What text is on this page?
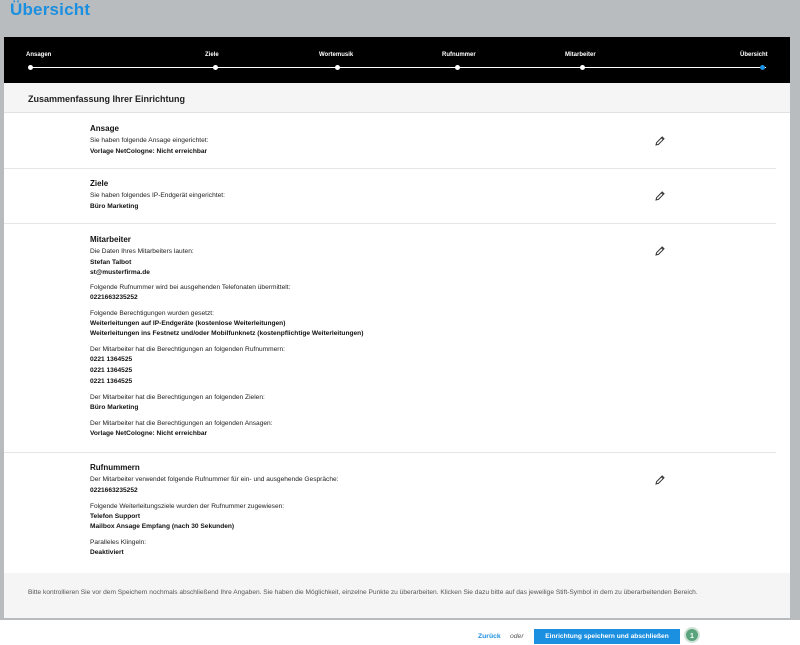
Übersicht
Ansagen	Ziele	Wortemusik	Rufnummer	Mitarbeiter	Übersicht
Zusammenfassung Ihrer Einrichtung
Ansage
Sie haben folgende Ansage eingerichtet:
Vorlage NetCologne: Nicht erreichbar
Ziele
Sie haben folgendes IP-Endgerät eingerichtet:
Büro Marketing
Mitarbeiter
Die Daten Ihres Mitarbeiters lauten:
Stefan Talbot
st@musterfirma.de
Folgende Rufnummer wird bei ausgehenden Telefonaten übermittelt:
0221663235252
Folgende Berechtigungen wurden gesetzt:
Weiterleitungen auf IP-Endgeräte (kostenlose Weiterleitungen)
Weiterleitungen ins Festnetz und/oder Mobilfunknetz (kostenpflichtige Weiterleitungen)
Der Mitarbeiter hat die Berechtigungen an folgenden Rufnummern:
0221 1364525
0221 1364525
0221 1364525
Der Mitarbeiter hat die Berechtigungen an folgenden Zielen:
Büro Marketing
Der Mitarbeiter hat die Berechtigungen an folgenden Ansagen:
Vorlage NetCologne: Nicht erreichbar
Rufnummern
Der Mitarbeiter verwendet folgende Rufnummer für ein- und ausgehende Gespräche:
0221663235252
Folgende Weiterleitungsziele wurden der Rufnummer zugewiesen:
Telefon Support
Mailbox Ansage Empfang (nach 30 Sekunden)
Paralleles Klingeln:
Deaktiviert
Bitte kontrollieren Sie vor dem Speichern nochmals abschließend Ihre Angaben. Sie haben die Möglichkeit, einzelne Punkte zu überarbeiten. Klicken Sie dazu bitte auf das jeweilige Stift-Symbol in dem zu überarbeitenden Bereich.
Zurück oder	Einrichtung speichern und abschließen	1
